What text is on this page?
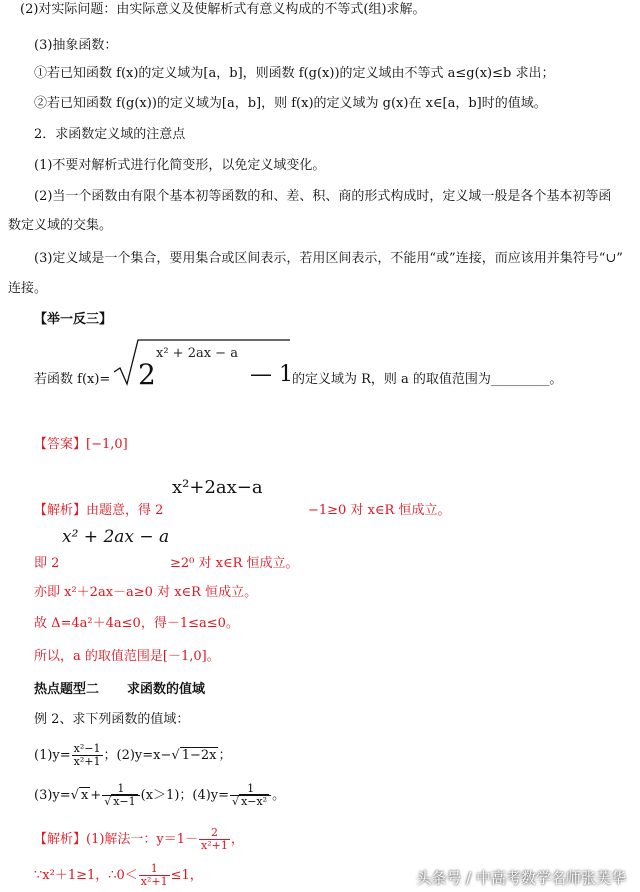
(2)对实际问题：由实际意义及使解析式有意义构成的不等式(组)求解。
(3)抽象函数：
①若已知函数 f(x)的定义域为[a，b]，则函数 f(g(x))的定义域由不等式 a≤g(x)≤b 求出；
②若已知函数 f(g(x))的定义域为[a，b]，则 f(x)的定义域为 g(x)在 x∈[a，b]时的值域。
2．求函数定义域的注意点
(1)不要对解析式进行化简变形，以免定义域变化。
(2)当一个函数由有限个基本初等函数的和、差、积、商的形式构成时，定义域一般是各个基本初等函
数定义域的交集。
(3)定义域是一个集合，要用集合或区间表示，若用区间表示，不能用“或”连接，而应该用并集符号“∪”
连接。
【举一反三】
若函数 f(x)= 2
x² + 2ax − a
— 1 的定义域为 R，则 a 的取值范围为_________。
【答案】[−1,0]
x²+2ax−a
【解析】由题意，得 2	−1≥0 对 x∈R 恒成立。
x² + 2ax − a
即 2	≥2⁰ 对 x∈R 恒成立。
亦即 x²＋2ax－a≥0 对 x∈R 恒成立。
故 Δ=4a²＋4a≤0，得－1≤a≤0。
所以，a 的取值范围是[－1,0]。
热点题型二 求函数的值域
例 2、求下列函数的值域：
$(1)y= \frac{\text{x²−1}}{\text{x²+1}}$ ；(2)y=x−√ 1−2x ；
(3)y=√ $x + \frac{1}{√ x-1} (x>1)$；$(4)y= \frac{1}{\text{√ x−x²}}$ 。
【解析】(1)解法一：$y=1- \frac{2}{\text{x²+1}}$ ，
∵x²＋1≥1，∴0＜ $\frac{1}{\text{x²+1}} \le 1$，	头条号 / 中高考数学名师张芙华
